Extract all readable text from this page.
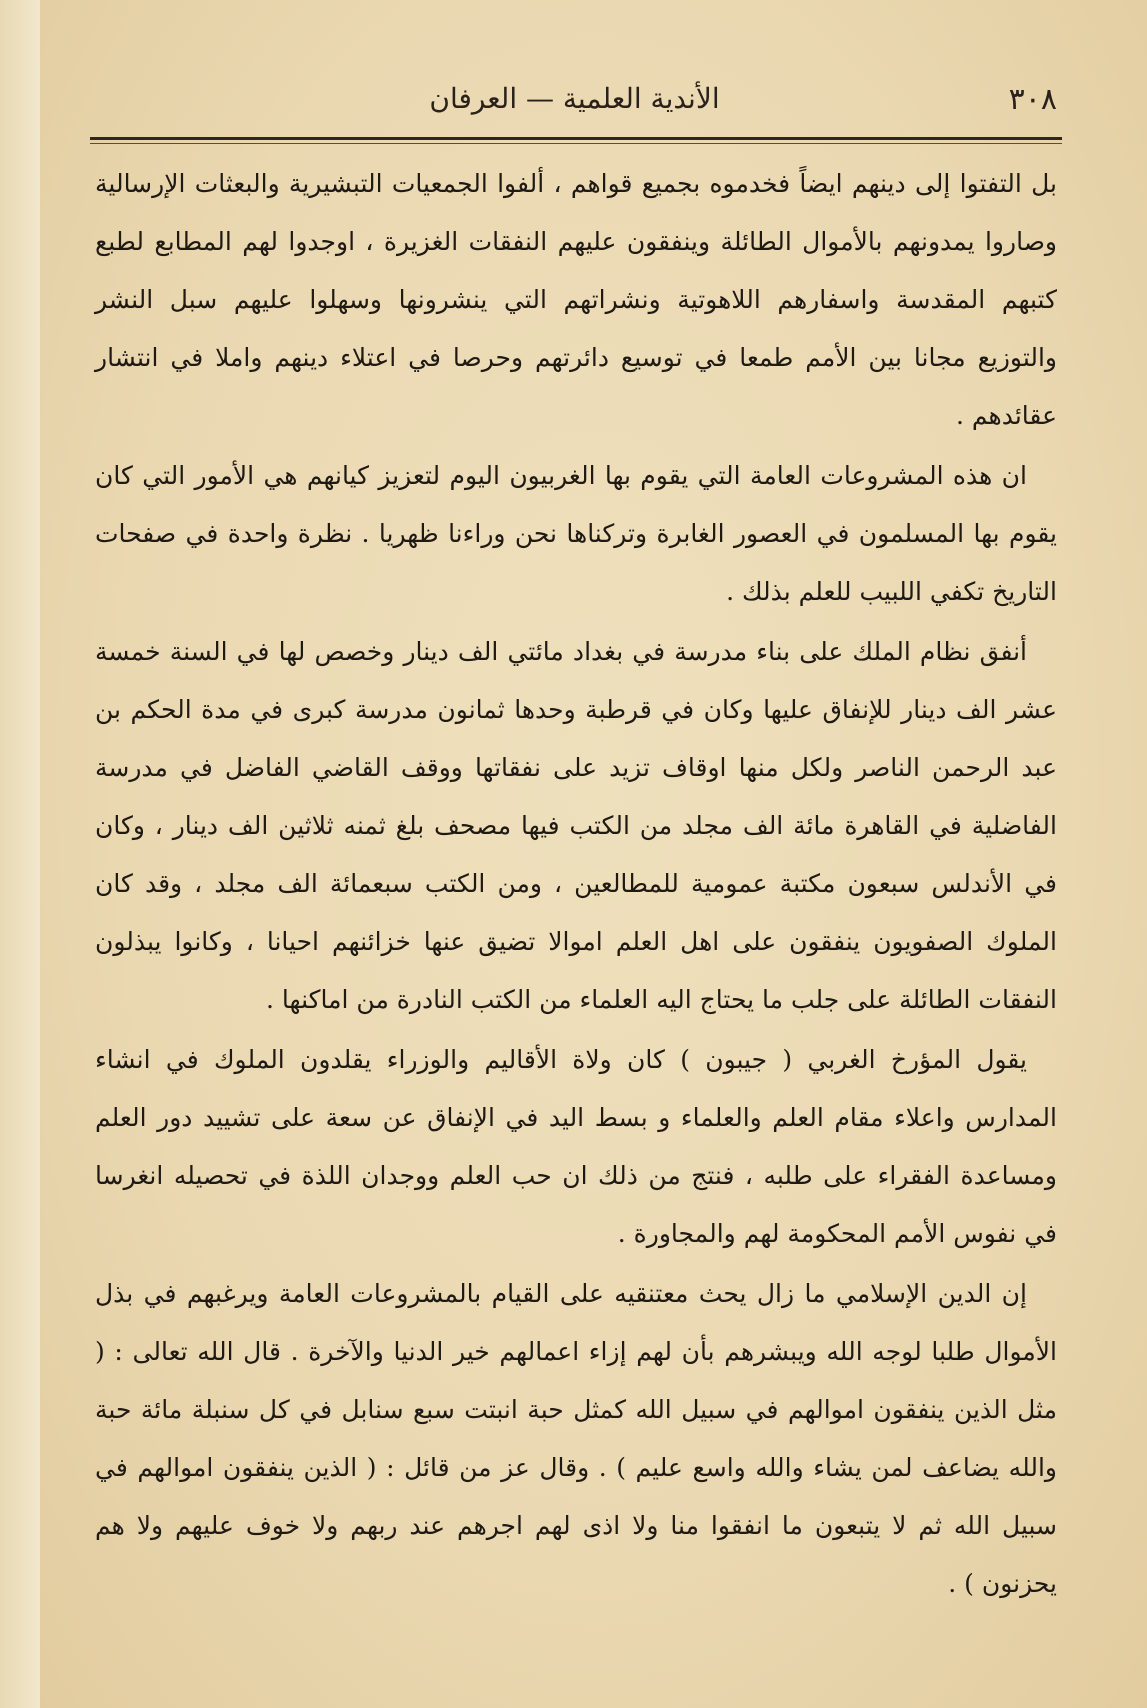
٣٠٨
الأندية العلمية — العرفان

بل التفتوا إلى دينهم ايضاً فخدموه بجميع قواهم ، ألفوا الجمعيات التبشيرية والبعثات الإرسالية وصاروا يمدونهم بالأموال الطائلة وينفقون عليهم النفقات الغزيرة ، اوجدوا لهم المطابع لطبع كتبهم المقدسة واسفارهم اللاهوتية ونشراتهم التي ينشرونها وسهلوا عليهم سبل النشر والتوزيع مجانا بين الأمم طمعا في توسيع دائرتهم وحرصا في اعتلاء دينهم واملا في انتشار عقائدهم .

ان هذه المشروعات العامة التي يقوم بها الغربيون اليوم لتعزيز كيانهم هي الأمور التي كان يقوم بها المسلمون في العصور الغابرة وتركناها نحن وراءنا ظهريا . نظرة واحدة في صفحات التاريخ تكفي اللبيب للعلم بذلك .

أنفق نظام الملك على بناء مدرسة في بغداد مائتي الف دينار وخصص لها في السنة خمسة عشر الف دينار للإنفاق عليها وكان في قرطبة وحدها ثمانون مدرسة كبرى في مدة الحكم بن عبد الرحمن الناصر ولكل منها اوقاف تزيد على نفقاتها ووقف القاضي الفاضل في مدرسة الفاضلية في القاهرة مائة الف مجلد من الكتب فيها مصحف بلغ ثمنه ثلاثين الف دينار ، وكان في الأندلس سبعون مكتبة عمومية للمطالعين ، ومن الكتب سبعمائة الف مجلد ، وقد كان الملوك الصفويون ينفقون على اهل العلم اموالا تضيق عنها خزائنهم احيانا ، وكانوا يبذلون النفقات الطائلة على جلب ما يحتاج اليه العلماء من الكتب النادرة من اماكنها .

يقول المؤرخ الغربي ( جيبون ) كان ولاة الأقاليم والوزراء يقلدون الملوك في انشاء المدارس واعلاء مقام العلم والعلماء و بسط اليد في الإنفاق عن سعة على تشييد دور العلم ومساعدة الفقراء على طلبه ، فنتج من ذلك ان حب العلم ووجدان اللذة في تحصيله انغرسا في نفوس الأمم المحكومة لهم والمجاورة .

إن الدين الإسلامي ما زال يحث معتنقيه على القيام بالمشروعات العامة ويرغبهم في بذل الأموال طلبا لوجه الله ويبشرهم بأن لهم إزاء اعمالهم خير الدنيا والآخرة . قال الله تعالى : ( مثل الذين ينفقون اموالهم في سبيل الله كمثل حبة انبتت سبع سنابل في كل سنبلة مائة حبة والله يضاعف لمن يشاء والله واسع عليم ) . وقال عز من قائل : ( الذين ينفقون اموالهم في سبيل الله ثم لا يتبعون ما انفقوا منا ولا اذى لهم اجرهم عند ربهم ولا خوف عليهم ولا هم يحزنون ) .
